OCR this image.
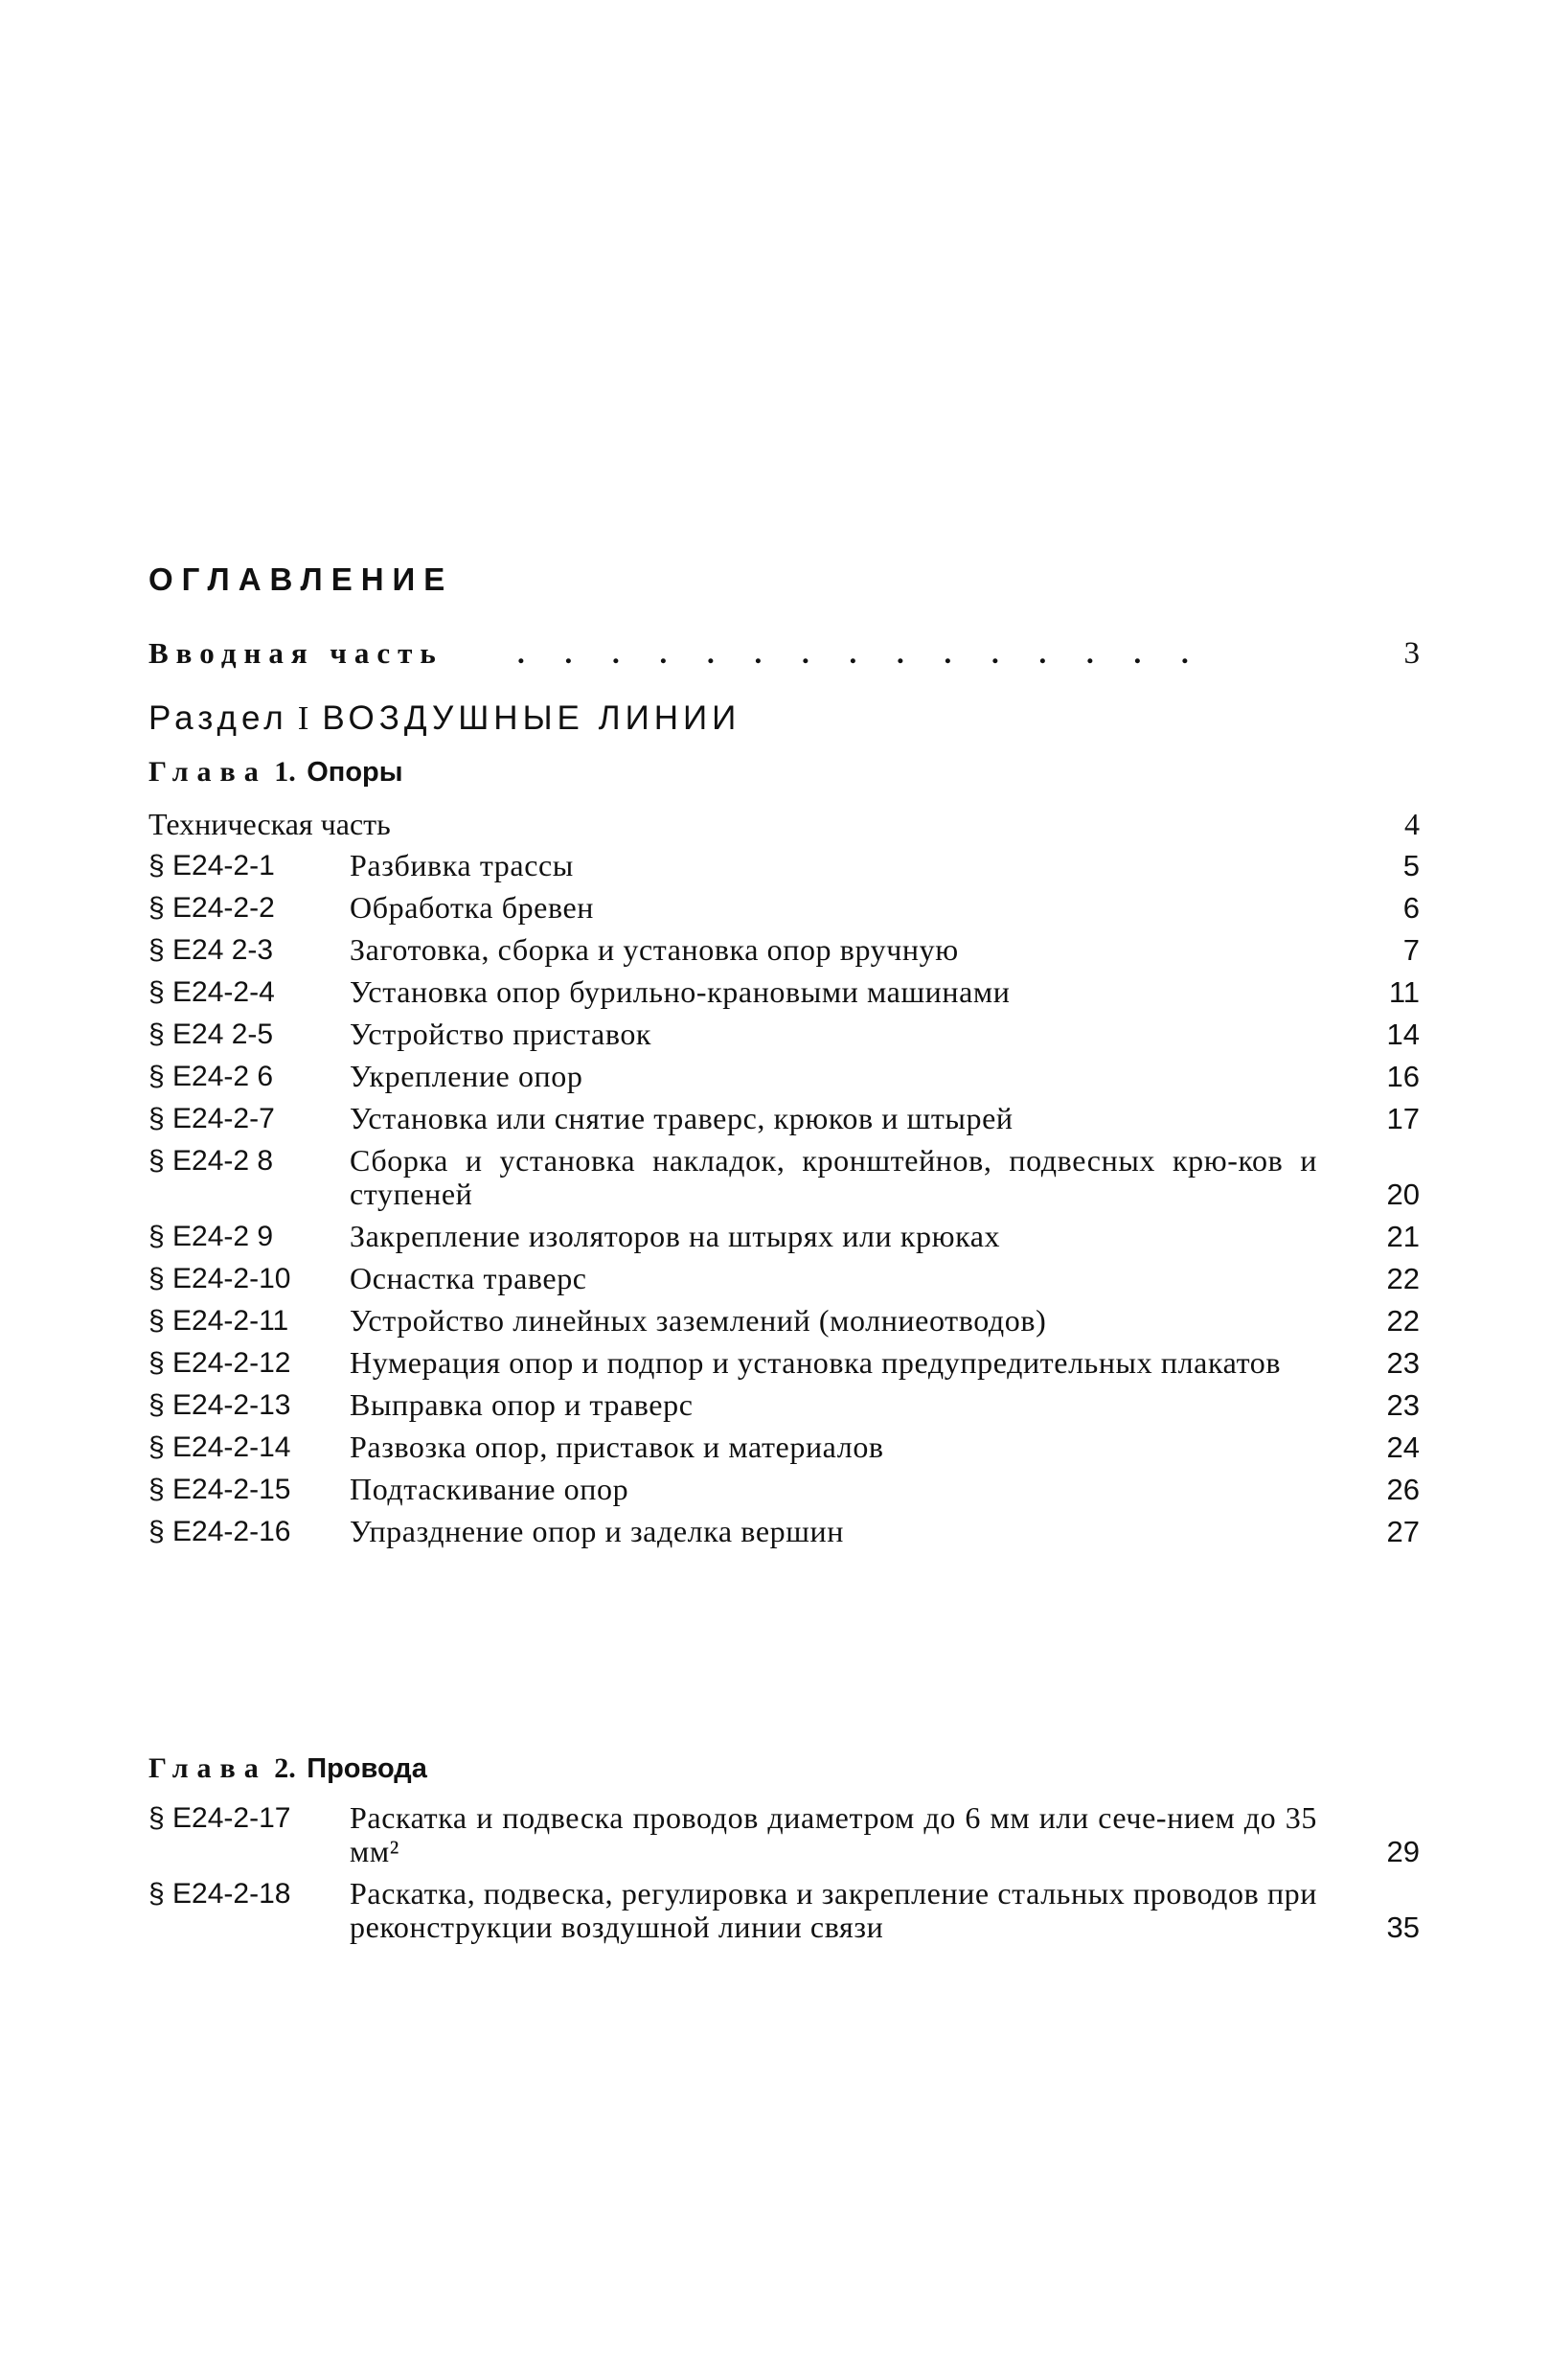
ОГЛАВЛЕНИЕ
Вводная часть . . . . . . . . . . . . . . .	3
Раздел I ВОЗДУШНЫЕ ЛИНИИ
Глава 1. Опоры
Техническая часть	4
§ Е24-2-1 Разбивка трассы	5
§ Е24-2-2 Обработка бревен	6
§ Е24 2-3 Заготовка, сборка и установка опор вручную	7
§ Е24-2-4 Установка опор бурильно-крановыми машинами	11
§ Е24 2-5 Устройство приставок	14
§ Е24-2 6 Укрепление опор	16
§ Е24-2-7 Установка или снятие траверс, крюков и штырей	17
§ Е24-2 8 Сборка и установка накладок, кронштейнов, подвесных крю-ков и ступеней	20
§ Е24-2 9 Закрепление изоляторов на штырях или крюках	21
§ Е24-2-10 Оснастка траверс	22
§ Е24-2-11 Устройство линейных заземлений (молниеотводов)	22
§ Е24-2-12 Нумерация опор и подпор и установка предупредительных плакатов	23
§ Е24-2-13 Выправка опор и траверс	23
§ Е24-2-14 Развозка опор, приставок и материалов	24
§ Е24-2-15 Подтаскивание опор	26
§ Е24-2-16 Упразднение опор и заделка вершин	27
Глава 2. Провода
§ Е24-2-17 Раскатка и подвеска проводов диаметром до 6 мм или сече-нием до 35 мм²	29
§ Е24-2-18 Раскатка, подвеска, регулировка и закрепление стальных проводов при реконструкции воздушной линии связи	35
